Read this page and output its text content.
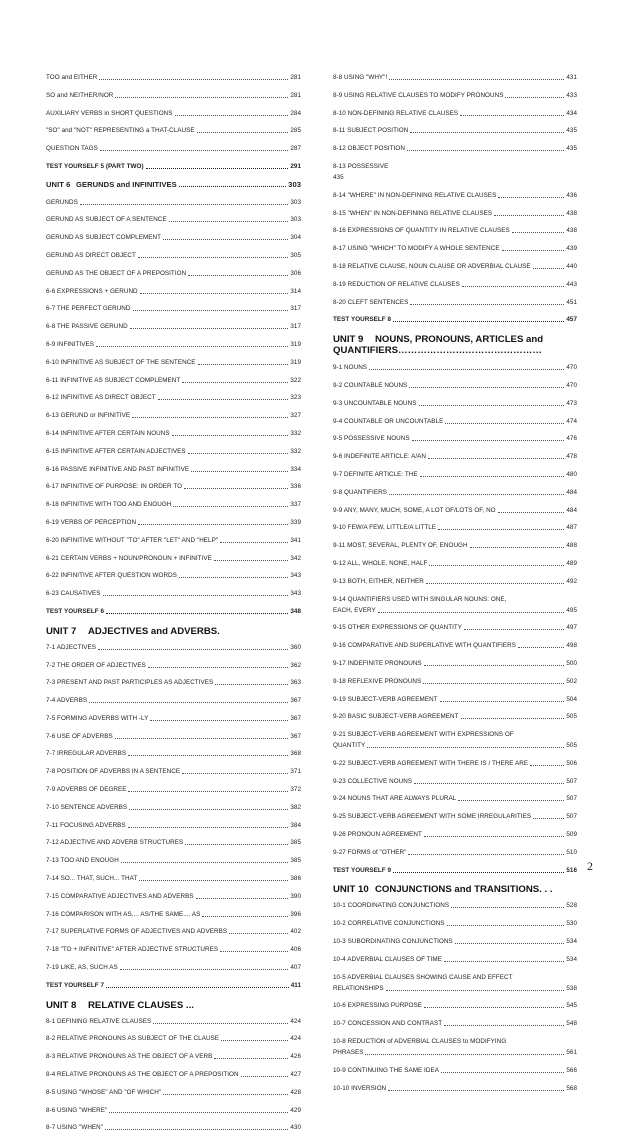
TOO and EITHER	281
SO and NEITHER/NOR	281
AUXILIARY VERBS in SHORT QUESTIONS	284
"SO" and "NOT" REPRESENTING a THAT-CLAUSE	285
QUESTION TAGS	287
TEST YOURSELF 5 (PART TWO)	291
UNIT 6 GERUNDS and INFINITIVES	303
GERUNDS	303
GERUND AS SUBJECT OF A SENTENCE	303
GERUND AS SUBJECT COMPLEMENT	304
GERUND AS DIRECT OBJECT	305
GERUND AS THE OBJECT OF A PREPOSITION	306
6-6 EXPRESSIONS + GERUND	314
6-7 THE PERFECT GERUND	317
6-8 THE PASSIVE GERUND	317
6-9 INFINITIVES	319
6-10 INFINITIVE AS SUBJECT OF THE SENTENCE	319
6-11 INFINITIVE AS SUBJECT COMPLEMENT	322
6-12 INFINITIVE AS DIRECT OBJECT	323
6-13 GERUND or INFINITIVE	327
6-14 INFINITIVE AFTER CERTAIN NOUNS	332
6-15 INFINITIVE AFTER CERTAIN ADJECTIVES	332
6-16 PASSIVE INFINITIVE AND PAST INFINITIVE	334
6-17 INFINITIVE OF PURPOSE: IN ORDER TO	336
6-18 INFINITIVE WITH TOO AND ENOUGH	337
6-19 VERBS OF PERCEPTION	339
6-20 INFINITIVE WITHOUT "TO" AFTER "LET" AND "HELP"	341
6-21 CERTAIN VERBS + NOUN/PRONOUN + INFINITIVE	342
6-22 INFINITIVE AFTER QUESTION WORDS	343
6-23 CAUSATIVES	343
TEST YOURSELF 6	348
UNIT 7	ADJECTIVES and ADVERBS.
7-1 ADJECTIVES	360
7-2 THE ORDER OF ADJECTIVES	362
7-3 PRESENT AND PAST PARTICIPLES AS ADJECTIVES	363
7-4 ADVERBS	367
7-5 FORMING ADVERBS WITH -LY	367
7-6 USE OF ADVERBS	367
7-7 IRREGULAR ADVERBS	368
7-8 POSITION OF ADVERBS IN A SENTENCE	371
7-9 ADVERBS OF DEGREE	372
7-10 SENTENCE ADVERBS	382
7-11 FOCUSING ADVERBS	384
7-12 ADJECTIVE AND ADVERB STRUCTURES	385
7-13 TOO AND ENOUGH	385
7-14 SO... THAT, SUCH... THAT	386
7-15 COMPARATIVE ADJECTIVES AND ADVERBS	390
7-16 COMPARISON WITH AS.... AS/THE SAME.... AS	396
7-17 SUPERLATIVE FORMS OF ADJECTIVES AND ADVERBS	402
7-18 "TO + INFINITIVE" AFTER ADJECTIVE STRUCTURES	406
7-19 LIKE, AS, SUCH AS	407
TEST YOURSELF 7	411
UNIT 8	RELATIVE CLAUSES ...
8-1 DEFINING RELATIVE CLAUSES	424
8-2 RELATIVE PRONOUNS AS SUBJECT OF THE CLAUSE	424
8-3 RELATIVE PRONOUNS AS THE OBJECT OF A VERB	426
8-4 RELATIVE PRONOUNS AS THE OBJECT OF A PREPOSITION	427
8-5 USING "WHOSE" AND "OF WHICH"	428
8-6 USING "WHERE"	429
8-7 USING "WHEN"	430
8-8 USING "WHY"!	431
8-9 USING RELATIVE CLAUSES TO MODIFY PRONOUNS	433
8-10 NON-DEFINING RELATIVE CLAUSES	434
8-11 SUBJECT POSITION	435
8-12 OBJECT POSITION	435
8-13 POSSESSIVE
435
8-14 "WHERE" IN NON-DEFINING RELATIVE CLAUSES	436
8-15 "WHEN" IN NON-DEFINING RELATIVE CLAUSES	438
8-16 EXPRESSIONS OF QUANTITY IN RELATIVE CLAUSES	438
8-17 USING "WHICH" TO MODIFY A WHOLE SENTENCE	439
8-18 RELATIVE CLAUSE, NOUN CLAUSE OR ADVERBIAL CLAUSE	440
8-19 REDUCTION OF RELATIVE CLAUSES	443
8-20 CLEFT SENTENCES	451
TEST YOURSELF 8	457
UNIT 9	NOUNS, PRONOUNS, ARTICLES and
QUANTIFIERS………………………………………
9-1 NOUNS	470
9-2 COUNTABLE NOUNS	470
9-3 UNCOUNTABLE NOUNS	473
9-4 COUNTABLE OR UNCOUNTABLE	474
9-5 POSSESSIVE NOUNS	476
9-6 INDEFINITE ARTICLE: A/AN	478
9-7 DEFINITE ARTICLE: THE	480
9-8 QUANTIFIERS	484
9-9 ANY, MANY, MUCH, SOME, A LOT OF/LOTS OF, NO	484
9-10 FEW/A FEW, LITTLE/A LITTLE	487
9-11 MOST, SEVERAL, PLENTY OF, ENOUGH	488
9-12 ALL, WHOLE, NONE, HALF	489
9-13 BOTH, EITHER, NEITHER	492
9-14 QUANTIFIERS USED WITH SINGULAR NOUNS: ONE,
EACH, EVERY	495
9-15 OTHER EXPRESSIONS OF QUANTITY	497
9-16 COMPARATIVE AND SUPERLATIVE WITH QUANTIFIERS	498
9-17 INDEFINITE PRONOUNS	500
9-18 REFLEXIVE PRONOUNS	502
9-19 SUBJECT-VERB AGREEMENT	504
9-20 BASIC SUBJECT-VERB AGREEMENT	505
9-21 SUBJECT-VERB AGREEMENT WITH EXPRESSIONS OF
QUANTITY	505
9-22 SUBJECT-VERB AGREEMENT WITH THERE IS / THERE ARE	506
9-23 COLLECTIVE NOUNS	507
9-24 NOUNS THAT ARE ALWAYS PLURAL	507
9-25 SUBJECT-VERB AGREEMENT WITH SOME IRREGULARITIES	507
9-26 PRONOUN AGREEMENT	509
9-27 FORMS of "OTHER"	510
TEST YOURSELF 9	516
UNIT 10 CONJUNCTIONS and TRANSITIONS. . .
10-1 COORDINATING CONJUNCTIONS	528
10-2 CORRELATIVE CONJUNCTIONS	530
10-3 SUBORDINATING CONJUNCTIONS	534
10-4 ADVERBIAL CLAUSES OF TIME	534
10-5 ADVERBIAL CLAUSES SHOWING CAUSE AND EFFECT
RELATIONSHIPS	538
10-6 EXPRESSING PURPOSE	545
10-7 CONCESSION AND CONTRAST	548
10-8 REDUCTION of ADVERBIAL CLAUSES to MODIFYING
PHRASES	561
10-9 CONTINUING THE SAME IDEA	566
10-10 INVERSION	568
2
